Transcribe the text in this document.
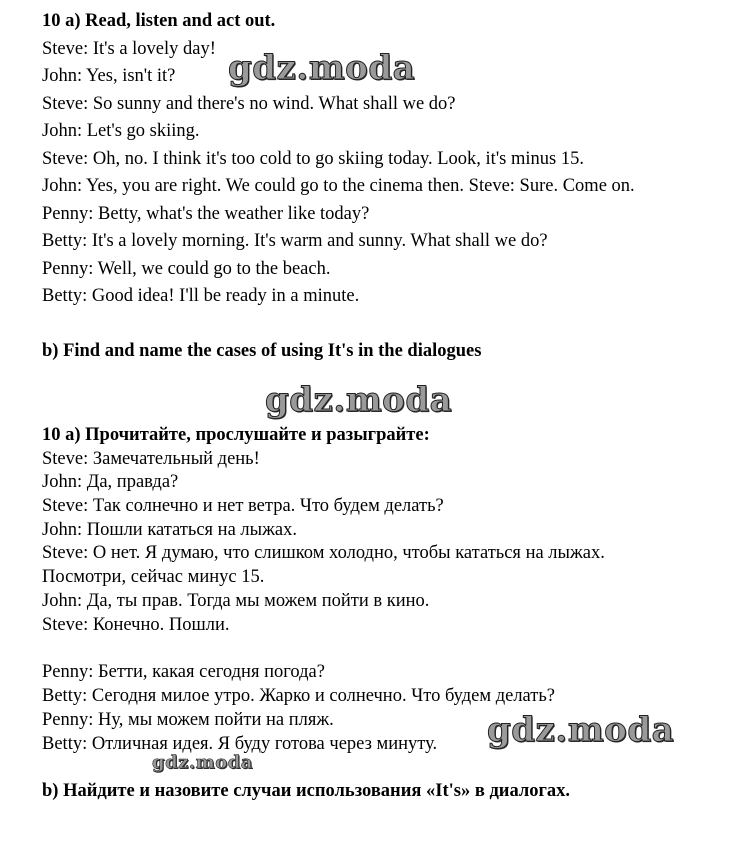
10 a) Read, listen and act out.
Steve: It's a lovely day!
John: Yes, isn't it?
Steve: So sunny and there's no wind. What shall we do?
John: Let's go skiing.
Steve: Oh, no. I think it's too cold to go skiing today. Look, it's minus 15.
John: Yes, you are right. We could go to the cinema then. Steve: Sure. Come on.
Penny: Betty, what's the weather like today?
Betty: It's a lovely morning. It's warm and sunny. What shall we do?
Penny: Well, we could go to the beach.
Betty: Good idea! I'll be ready in a minute.
b) Find and name the cases of using It's in the dialogues
10 а) Прочитайте, прослушайте и разыграйте:
Steve: Замечательный день!
John: Да, правда?
Steve: Так солнечно и нет ветра. Что будем делать?
John: Пошли кататься на лыжах.
Steve: О нет. Я думаю, что слишком холодно, чтобы кататься на лыжах.
Посмотри, сейчас минус 15.
John: Да, ты прав. Тогда мы можем пойти в кино.
Steve: Конечно. Пошли.
Penny: Бетти, какая сегодня погода?
Betty: Сегодня милое утро. Жарко и солнечно. Что будем делать?
Penny: Ну, мы можем пойти на пляж.
Betty: Отличная идея. Я буду готова через минуту.
b) Найдите и назовите случаи использования «It's» в диалогах.
gdz.moda
gdz.moda
gdz.moda
gdz.moda
